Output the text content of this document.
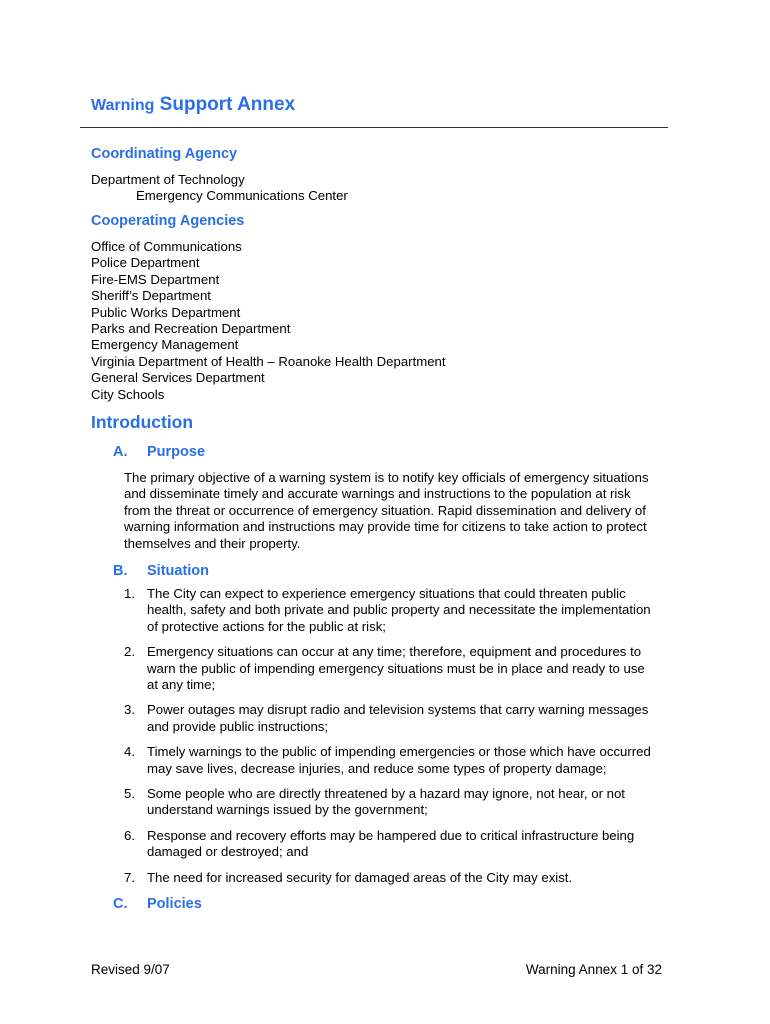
Warning Support Annex
Coordinating Agency
Department of Technology
Emergency Communications Center
Cooperating Agencies
Office of Communications
Police Department
Fire-EMS Department
Sheriff’s Department
Public Works Department
Parks and Recreation Department
Emergency Management
Virginia Department of Health – Roanoke Health Department
General Services Department
City Schools
Introduction
A. Purpose
The primary objective of a warning system is to notify key officials of emergency situations
and disseminate timely and accurate warnings and instructions to the population at risk
from the threat or occurrence of emergency situation. Rapid dissemination and delivery of
warning information and instructions may provide time for citizens to take action to protect
themselves and their property.
B. Situation
1. The City can expect to experience emergency situations that could threaten public
health, safety and both private and public property and necessitate the implementation
of protective actions for the public at risk;
2. Emergency situations can occur at any time; therefore, equipment and procedures to
warn the public of impending emergency situations must be in place and ready to use
at any time;
3. Power outages may disrupt radio and television systems that carry warning messages
and provide public instructions;
4. Timely warnings to the public of impending emergencies or those which have occurred
may save lives, decrease injuries, and reduce some types of property damage;
5. Some people who are directly threatened by a hazard may ignore, not hear, or not
understand warnings issued by the government;
6. Response and recovery efforts may be hampered due to critical infrastructure being
damaged or destroyed; and
7. The need for increased security for damaged areas of the City may exist.
C. Policies
Revised 9/07	Warning Annex 1 of 32
